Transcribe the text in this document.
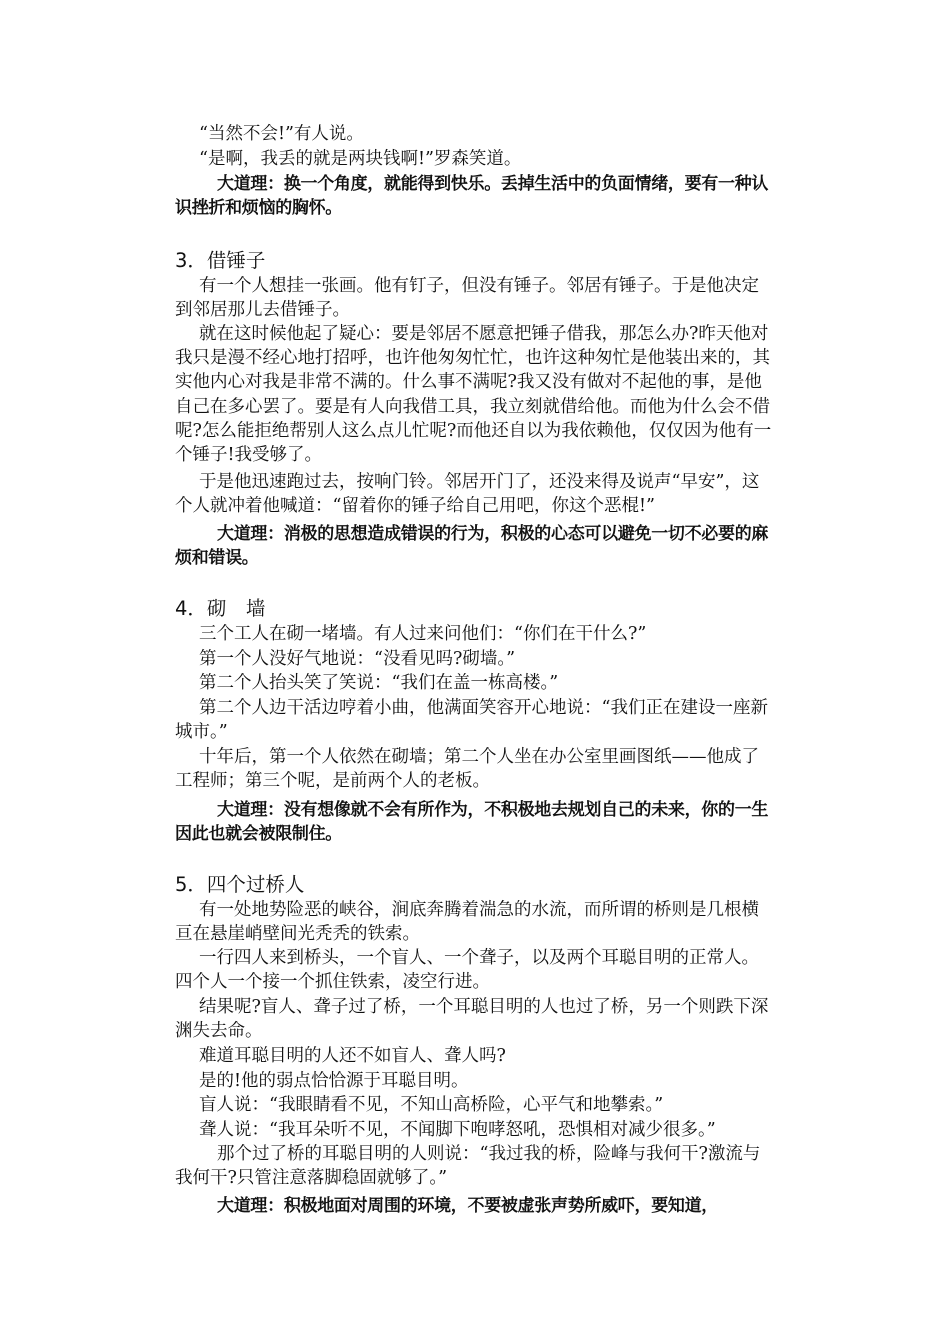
“当然不会!”有人说。

“是啊，我丢的就是两块钱啊!”罗森笑道。

大道理：换一个角度，就能得到快乐。丢掉生活中的负面情绪，要有一种认识挫折和烦恼的胸怀。

3．借锤子

有一个人想挂一张画。他有钉子，但没有锤子。邻居有锤子。于是他决定到邻居那儿去借锤子。

就在这时候他起了疑心：要是邻居不愿意把锤子借我，那怎么办?昨天他对我只是漫不经心地打招呼，也许他匆匆忙忙，也许这种匆忙是他装出来的，其实他内心对我是非常不满的。什么事不满呢?我又没有做对不起他的事，是他自己在多心罢了。要是有人向我借工具，我立刻就借给他。而他为什么会不借呢?怎么能拒绝帮别人这么点儿忙呢?而他还自以为我依赖他，仅仅因为他有一个锤子!我受够了。

于是他迅速跑过去，按响门铃。邻居开门了，还没来得及说声“早安”，这个人就冲着他喊道：“留着你的锤子给自己用吧，你这个恶棍!”

大道理：消极的思想造成错误的行为，积极的心态可以避免一切不必要的麻烦和错误。

4．砌　墙

三个工人在砌一堵墙。有人过来问他们：“你们在干什么?”

第一个人没好气地说：“没看见吗?砌墙。”

第二个人抬头笑了笑说：“我们在盖一栋高楼。”

第二个人边干活边哼着小曲，他满面笑容开心地说：“我们正在建设一座新城市。”

十年后，第一个人依然在砌墙；第二个人坐在办公室里画图纸——他成了工程师；第三个呢，是前两个人的老板。

大道理：没有想像就不会有所作为，不积极地去规划自己的未来，你的一生因此也就会被限制住。

5．四个过桥人

有一处地势险恶的峡谷，涧底奔腾着湍急的水流，而所谓的桥则是几根横亘在悬崖峭壁间光秃秃的铁索。

一行四人来到桥头，一个盲人、一个聋子，以及两个耳聪目明的正常人。四个人一个接一个抓住铁索，凌空行进。

结果呢?盲人、聋子过了桥，一个耳聪目明的人也过了桥，另一个则跌下深渊失去命。

难道耳聪目明的人还不如盲人、聋人吗?

是的!他的弱点恰恰源于耳聪目明。

盲人说：“我眼睛看不见，不知山高桥险，心平气和地攀索。”

聋人说：“我耳朵听不见，不闻脚下咆哮怒吼，恐惧相对减少很多。”

那个过了桥的耳聪目明的人则说：“我过我的桥，险峰与我何干?激流与我何干?只管注意落脚稳固就够了。”

大道理：积极地面对周围的环境，不要被虚张声势所威吓，要知道，
